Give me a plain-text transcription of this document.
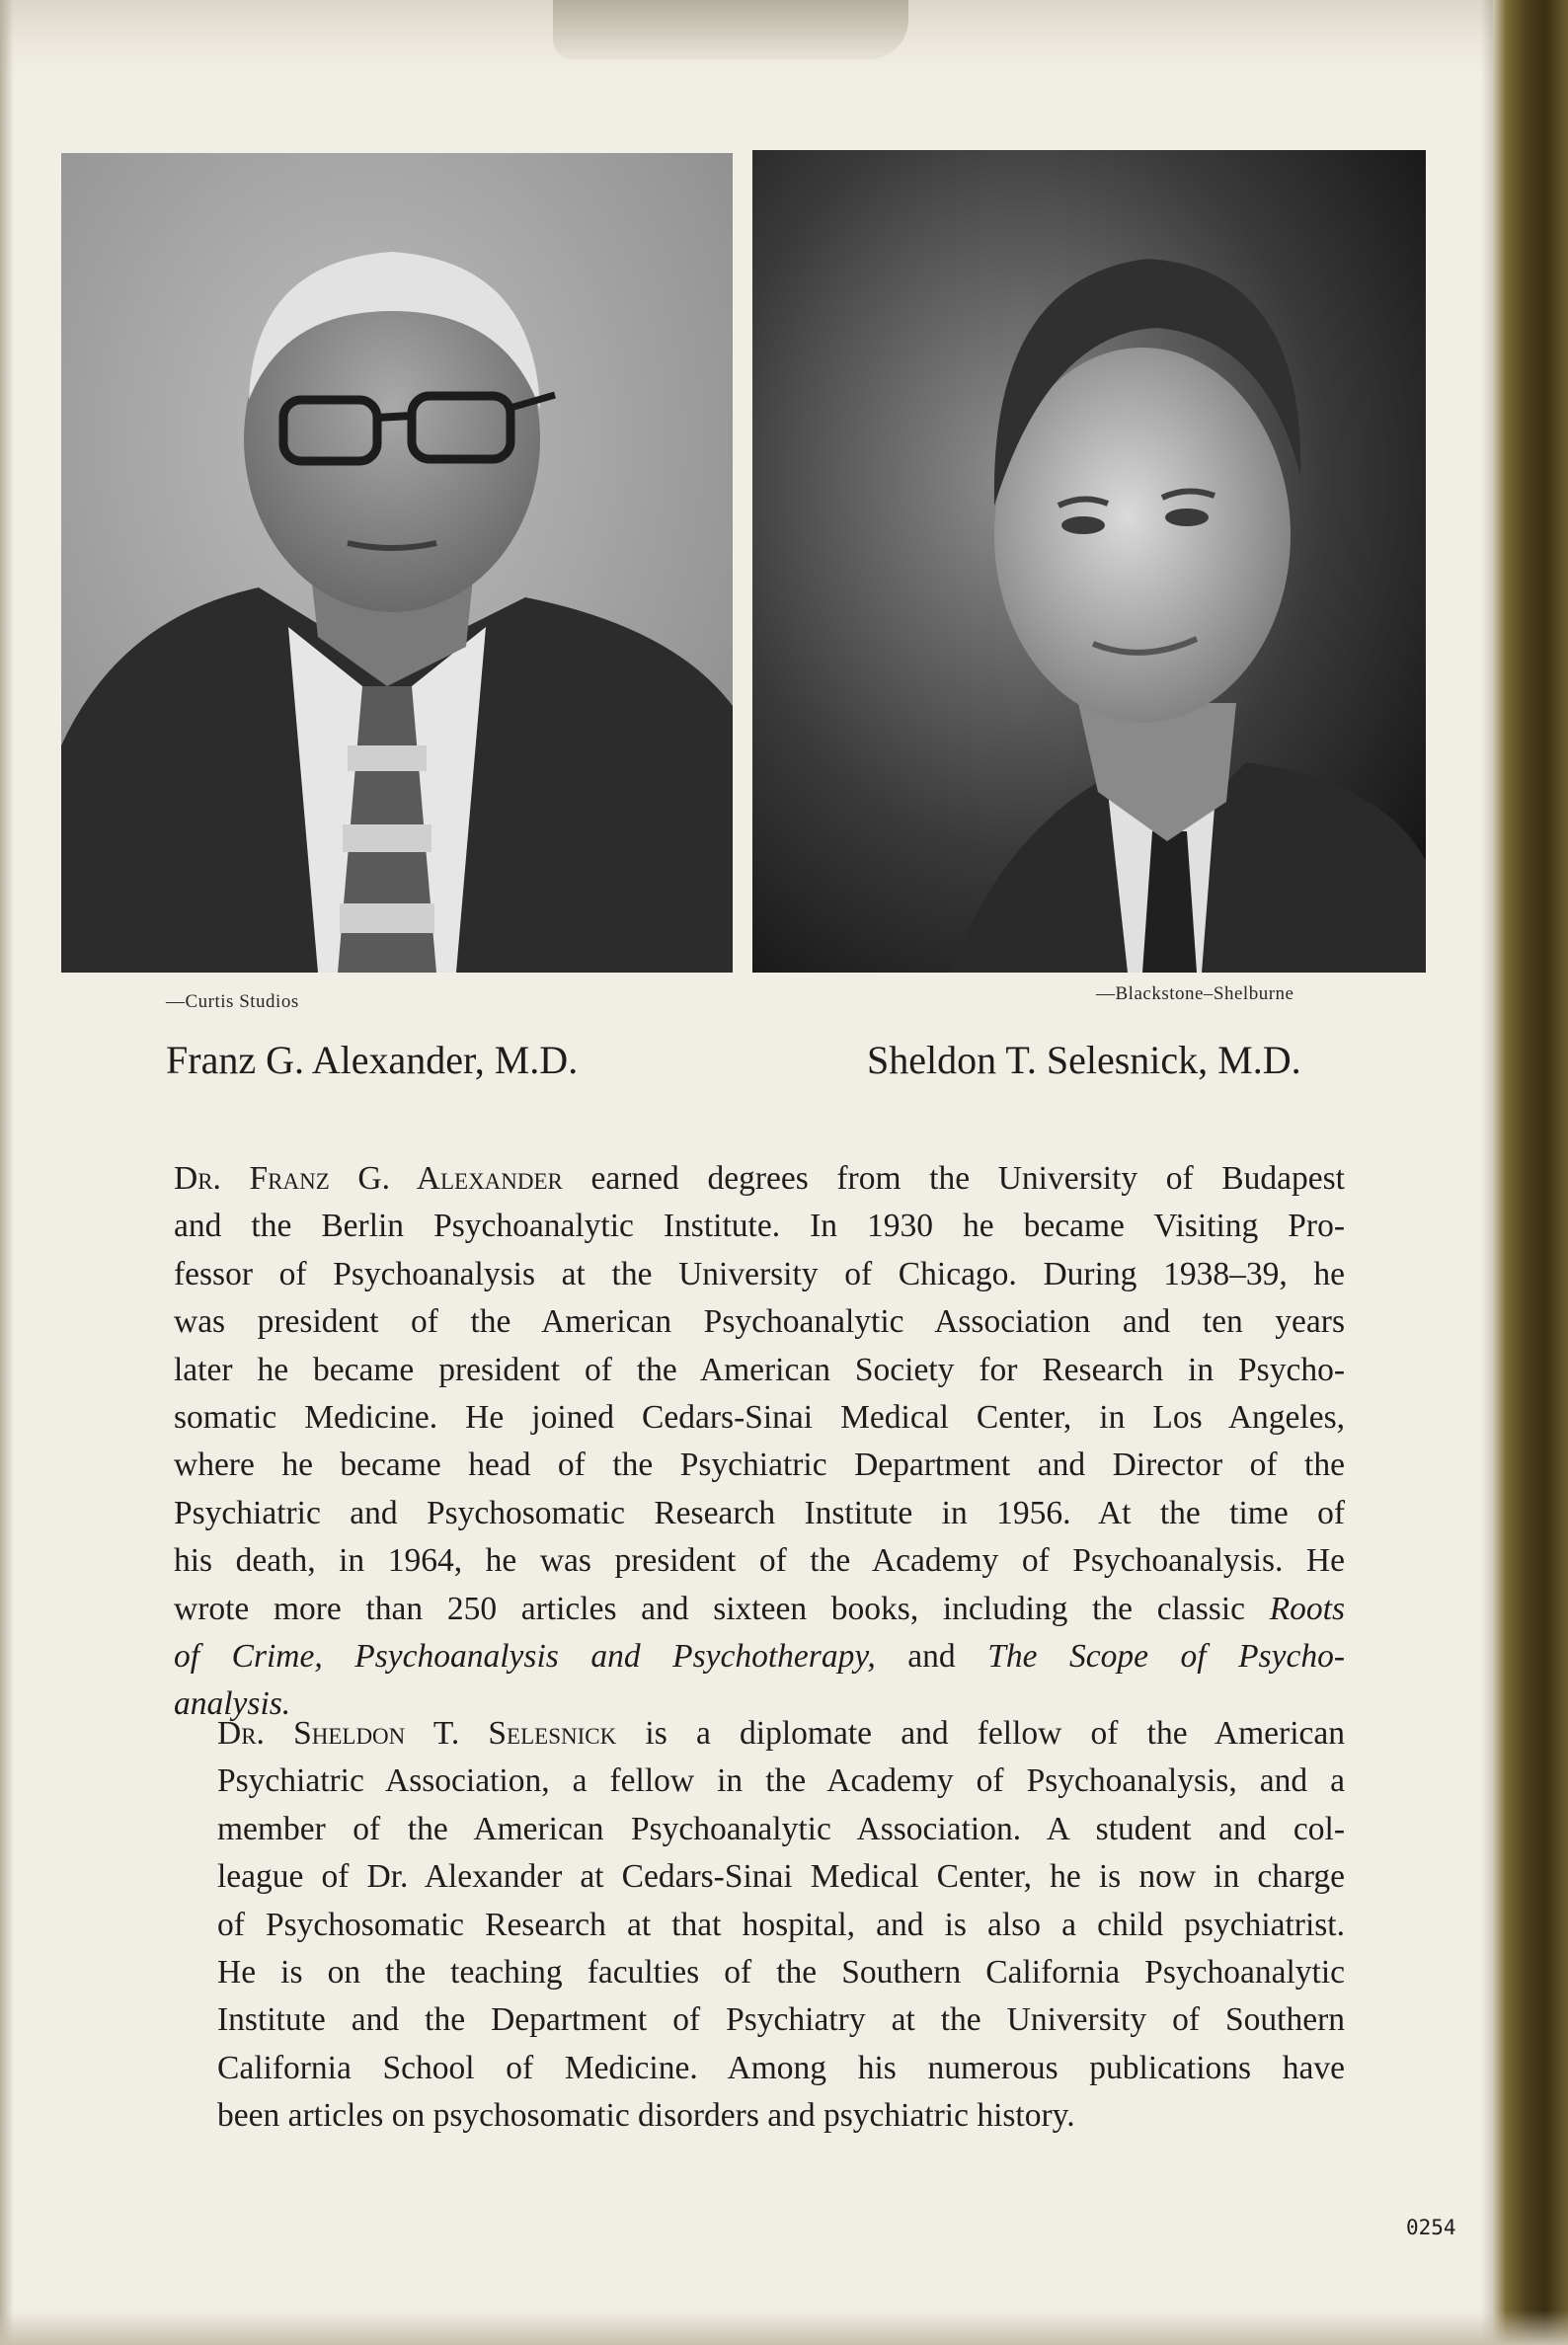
—Curtis Studios	—Blackstone–Shelburne
Franz G. Alexander, M.D.	Sheldon T. Selesnick, M.D.
Dr. Franz G. Alexander earned degrees from the University of Budapest
and the Berlin Psychoanalytic Institute. In 1930 he became Visiting Pro-
fessor of Psychoanalysis at the University of Chicago. During 1938–39, he
was president of the American Psychoanalytic Association and ten years
later he became president of the American Society for Research in Psycho-
somatic Medicine. He joined Cedars-Sinai Medical Center, in Los Angeles,
where he became head of the Psychiatric Department and Director of the
Psychiatric and Psychosomatic Research Institute in 1956. At the time of
his death, in 1964, he was president of the Academy of Psychoanalysis. He
wrote more than 250 articles and sixteen books, including the classic Roots
of Crime, Psychoanalysis and Psychotherapy, and The Scope of Psycho-
analysis.
Dr. Sheldon T. Selesnick is a diplomate and fellow of the American
Psychiatric Association, a fellow in the Academy of Psychoanalysis, and a
member of the American Psychoanalytic Association. A student and col-
league of Dr. Alexander at Cedars-Sinai Medical Center, he is now in charge
of Psychosomatic Research at that hospital, and is also a child psychiatrist.
He is on the teaching faculties of the Southern California Psychoanalytic
Institute and the Department of Psychiatry at the University of Southern
California School of Medicine. Among his numerous publications have
been articles on psychosomatic disorders and psychiatric history.
0254
